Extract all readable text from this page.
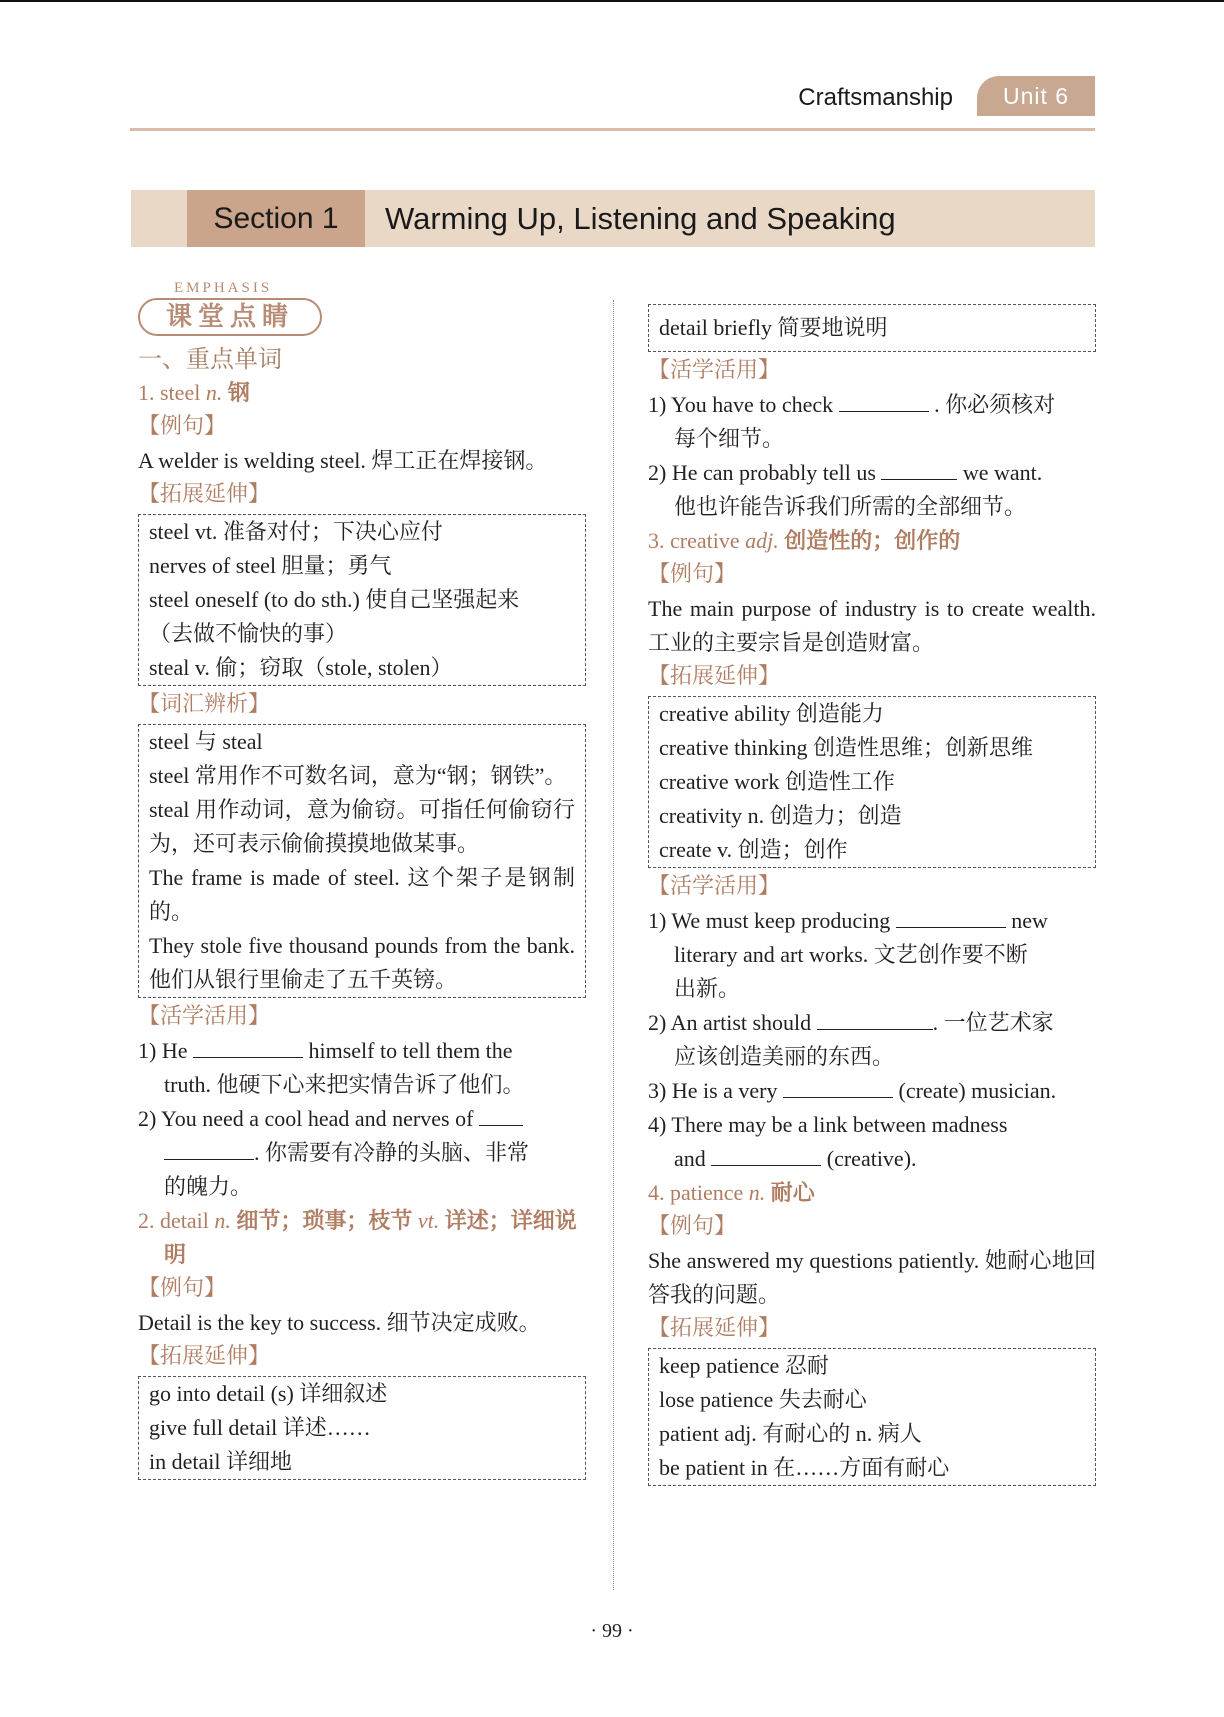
Craftsmanship	Unit 6
Section 1	Warming Up, Listening and Speaking
EMPHASIS
课堂点睛
一、重点单词
1. steel n. 钢
【例句】
A welder is welding steel. 焊工正在焊接钢。
【拓展延伸】
steel vt. 准备对付；下决心应付
nerves of steel 胆量；勇气
steel oneself (to do sth.) 使自己坚强起来
（去做不愉快的事）
steal v. 偷；窃取（stole, stolen）
【词汇辨析】
steel 与 steal
steel 常用作不可数名词，意为“钢；钢铁”。
steal 用作动词，意为偷窃。可指任何偷窃行为，还可表示偷偷摸摸地做某事。
The frame is made of steel. 这个架子是钢制的。
They stole five thousand pounds from the bank. 他们从银行里偷走了五千英镑。
【活学活用】
1) He	himself to tell them the
truth. 他硬下心来把实情告诉了他们。
2) You need a cool head and nerves of
. 你需要有冷静的头脑、非常
的魄力。
2. detail n. 细节；琐事；枝节 vt. 详述；详细说明
【例句】
Detail is the key to success. 细节决定成败。
【拓展延伸】
go into detail (s) 详细叙述
give full detail 详述……
in detail 详细地
detail briefly 简要地说明
【活学活用】
1) You have to check	. 你必须核对
每个细节。
2) He can probably tell us	we want.
他也许能告诉我们所需的全部细节。
3. creative adj. 创造性的；创作的
【例句】
The main purpose of industry is to create wealth. 工业的主要宗旨是创造财富。
【拓展延伸】
creative ability 创造能力
creative thinking 创造性思维；创新思维
creative work 创造性工作
creativity n. 创造力；创造
create v. 创造；创作
【活学活用】
1) We must keep producing	new
literary and art works. 文艺创作要不断
出新。
2) An artist should	. 一位艺术家
应该创造美丽的东西。
3) He is a very	(create) musician.
4) There may be a link between madness
and	(creative).
4. patience n. 耐心
【例句】
She answered my questions patiently. 她耐心地回答我的问题。
【拓展延伸】
keep patience 忍耐
lose patience 失去耐心
patient adj. 有耐心的 n. 病人
be patient in 在……方面有耐心
· 99 ·
